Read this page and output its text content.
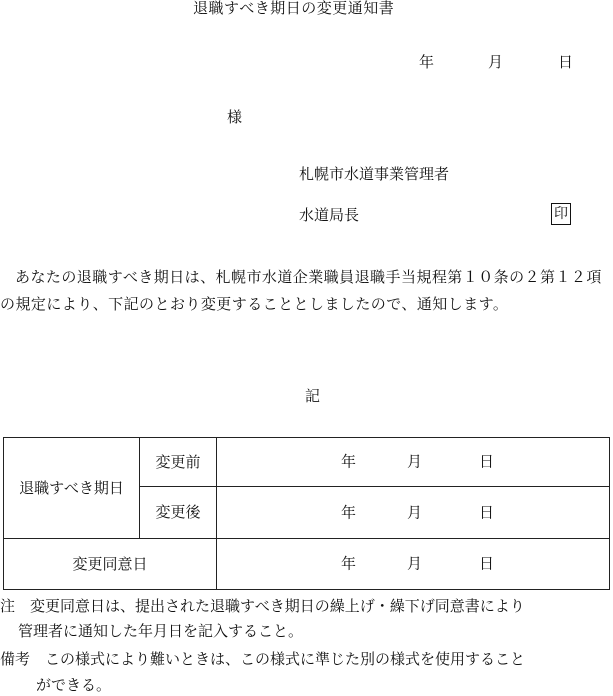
退職すべき期日の変更通知書
年	月	日
様
札幌市水道事業管理者
水道局長	印
あなたの退職すべき期日は、札幌市水道企業職員退職手当規程第１０条の２第１２項の規定により、下記のとおり変更することとしましたので、通知します。
記
退職すべき期日	変更前	年 月 日

	変更後	年 月 日

変更同意日		年 月 日
注　変更同意日は、提出された退職すべき期日の繰上げ・繰下げ同意書により
管理者に通知した年月日を記入すること。
備考　この様式により難いときは、この様式に準じた別の様式を使用すること
ができる。
